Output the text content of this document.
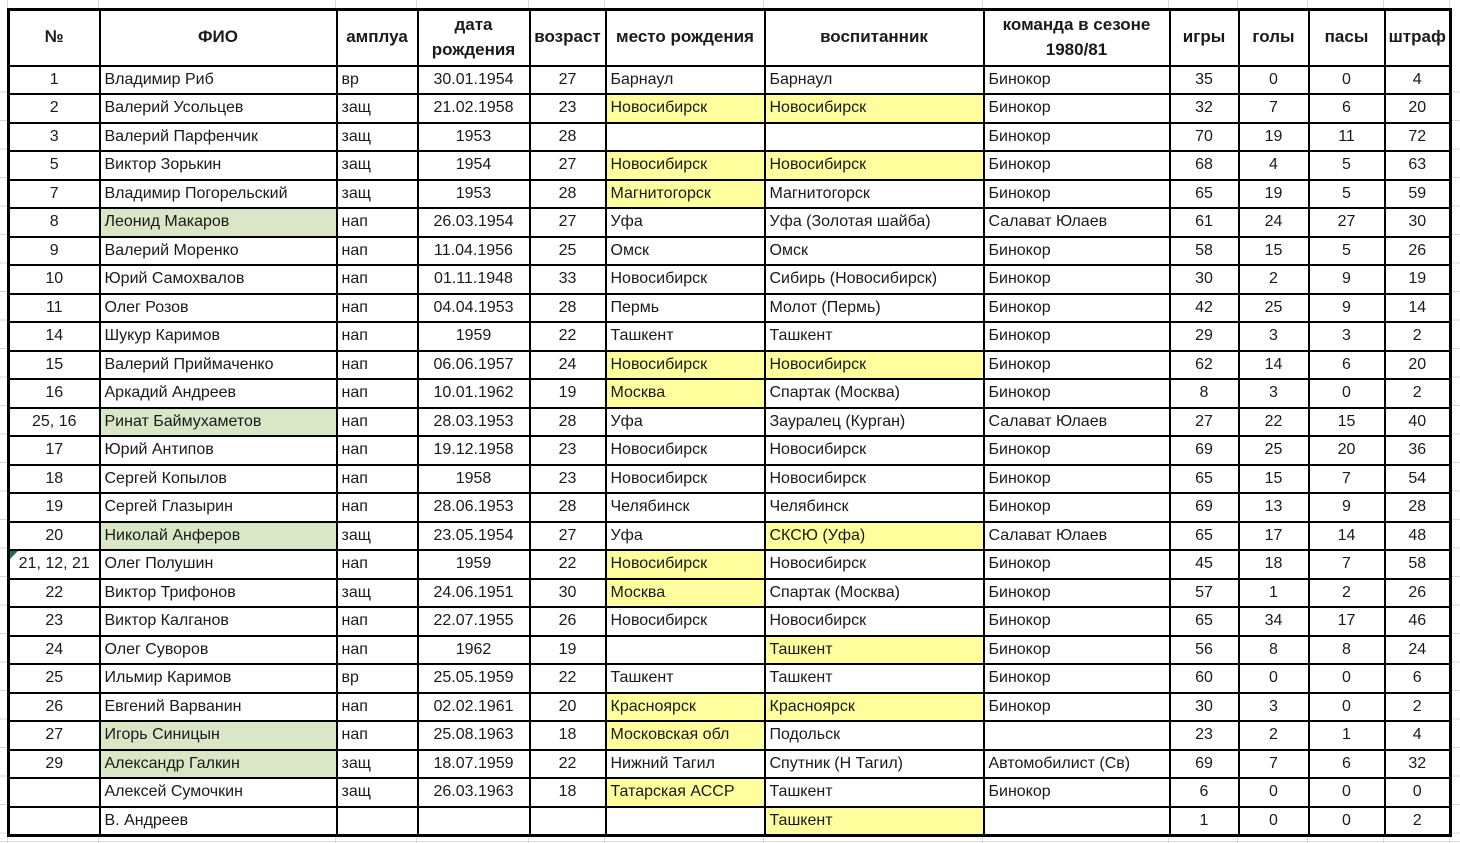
№	ФИО	амплуа	дата рождения	возраст	место рождения	воспитанник	команда в сезоне 1980/81	игры	голы	пасы	штраф
1	Владимир Риб	вр	30.01.1954	27	Барнаул	Барнаул	Бинокор	35	0	0	4
2	Валерий Усольцев	защ	21.02.1958	23	Новосибирск	Новосибирск	Бинокор	32	7	6	20
3	Валерий Парфенчик	защ	1953	28			Бинокор	70	19	11	72
5	Виктор Зорькин	защ	1954	27	Новосибирск	Новосибирск	Бинокор	68	4	5	63
7	Владимир Погорельский	защ	1953	28	Магнитогорск	Магнитогорск	Бинокор	65	19	5	59
8	Леонид Макаров	нап	26.03.1954	27	Уфа	Уфа (Золотая шайба)	Салават Юлаев	61	24	27	30
9	Валерий Моренко	нап	11.04.1956	25	Омск	Омск	Бинокор	58	15	5	26
10	Юрий Самохвалов	нап	01.11.1948	33	Новосибирск	Сибирь (Новосибирск)	Бинокор	30	2	9	19
11	Олег Розов	нап	04.04.1953	28	Пермь	Молот (Пермь)	Бинокор	42	25	9	14
14	Шукур Каримов	нап	1959	22	Ташкент	Ташкент	Бинокор	29	3	3	2
15	Валерий Приймаченко	нап	06.06.1957	24	Новосибирск	Новосибирск	Бинокор	62	14	6	20
16	Аркадий Андреев	нап	10.01.1962	19	Москва	Спартак (Москва)	Бинокор	8	3	0	2
25, 16	Ринат Баймухаметов	нап	28.03.1953	28	Уфа	Зауралец (Курган)	Салават Юлаев	27	22	15	40
17	Юрий Антипов	нап	19.12.1958	23	Новосибирск	Новосибирск	Бинокор	69	25	20	36
18	Сергей Копылов	нап	1958	23	Новосибирск	Новосибирск	Бинокор	65	15	7	54
19	Сергей Глазырин	нап	28.06.1953	28	Челябинск	Челябинск	Бинокор	69	13	9	28
20	Николай Анферов	защ	23.05.1954	27	Уфа	СКСЮ (Уфа)	Салават Юлаев	65	17	14	48
21, 12, 21	Олег Полушин	нап	1959	22	Новосибирск	Новосибирск	Бинокор	45	18	7	58
22	Виктор Трифонов	защ	24.06.1951	30	Москва	Спартак (Москва)	Бинокор	57	1	2	26
23	Виктор Калганов	нап	22.07.1955	26	Новосибирск	Новосибирск	Бинокор	65	34	17	46
24	Олег Суворов	нап	1962	19		Ташкент	Бинокор	56	8	8	24
25	Ильмир Каримов	вр	25.05.1959	22	Ташкент	Ташкент	Бинокор	60	0	0	6
26	Евгений Варванин	нап	02.02.1961	20	Красноярск	Красноярск	Бинокор	30	3	0	2
27	Игорь Синицын	нап	25.08.1963	18	Московская обл	Подольск		23	2	1	4
29	Александр Галкин	защ	18.07.1959	22	Нижний Тагил	Спутник (Н Тагил)	Автомобилист (Св)	69	7	6	32
	Алексей Сумочкин	защ	26.03.1963	18	Татарская АССР	Ташкент	Бинокор	6	0	0	0
	В. Андреев					Ташкент		1	0	0	2
